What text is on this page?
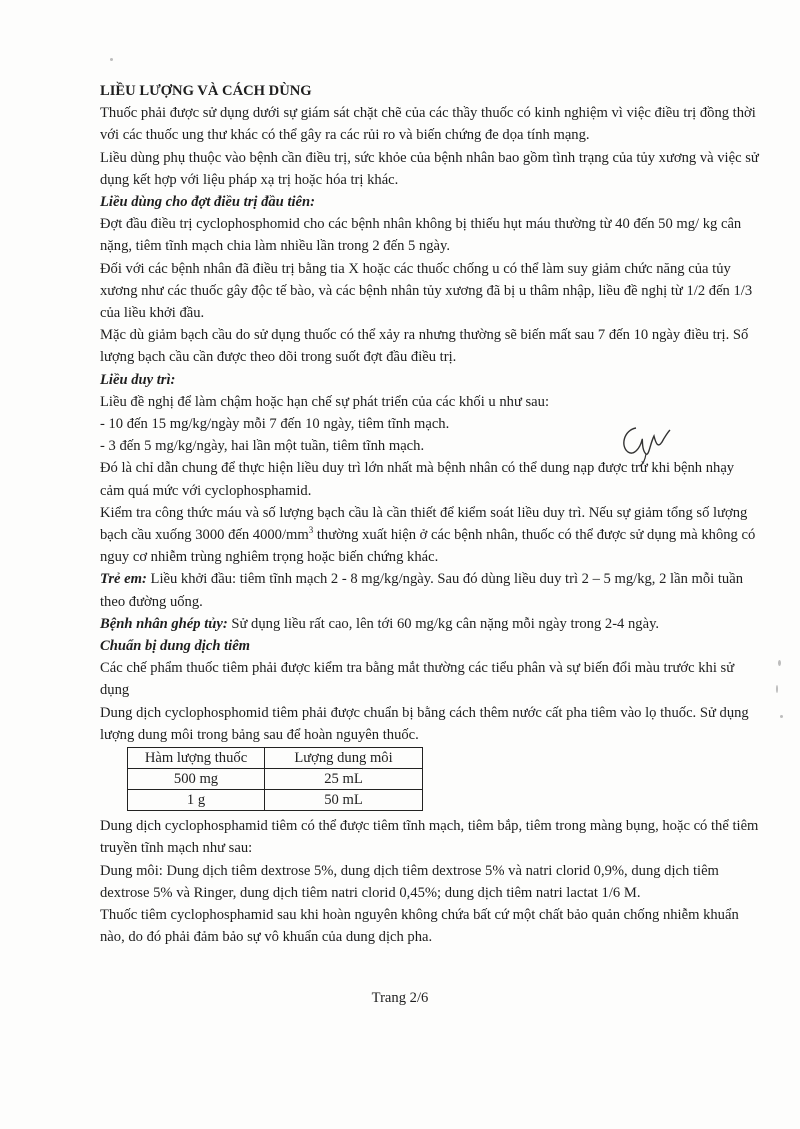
LIỀU LƯỢNG VÀ CÁCH DÙNG

Thuốc phải được sử dụng dưới sự giám sát chặt chẽ của các thầy thuốc có kinh nghiệm vì việc điều trị đồng thời với các thuốc ung thư khác có thể gây ra các rủi ro và biến chứng đe dọa tính mạng.

Liều dùng phụ thuộc vào bệnh cần điều trị, sức khỏe của bệnh nhân bao gồm tình trạng của tủy xương và việc sử dụng kết hợp với liệu pháp xạ trị hoặc hóa trị khác.

Liều dùng cho đợt điều trị đầu tiên:

Đợt đầu điều trị cyclophosphomid cho các bệnh nhân không bị thiếu hụt máu thường từ 40 đến 50 mg/ kg cân nặng, tiêm tĩnh mạch chia làm nhiều lần trong 2 đến 5 ngày.

Đối với các bệnh nhân đã điều trị bằng tia X hoặc các thuốc chống u có thể làm suy giảm chức năng của tủy xương như các thuốc gây độc tế bào, và các bệnh nhân tủy xương đã bị u thâm nhập, liều đề nghị từ 1/2 đến 1/3 của liều khởi đầu.

Mặc dù giảm bạch cầu do sử dụng thuốc có thể xảy ra nhưng thường sẽ biến mất sau 7 đến 10 ngày điều trị. Số lượng bạch cầu cần được theo dõi trong suốt đợt đầu điều trị.

Liều duy trì:

Liều đề nghị để làm chậm hoặc hạn chế sự phát triển của các khối u như sau:

- 10 đến 15 mg/kg/ngày mỗi 7 đến 10 ngày, tiêm tĩnh mạch.

- 3 đến 5 mg/kg/ngày, hai lần một tuần, tiêm tĩnh mạch.

Đó là chỉ dẫn chung để thực hiện liều duy trì lớn nhất mà bệnh nhân có thể dung nạp được trừ khi bệnh nhạy cảm quá mức với cyclophosphamid.

Kiểm tra công thức máu và số lượng bạch cầu là cần thiết để kiểm soát liều duy trì. Nếu sự giảm tổng số lượng bạch cầu xuống 3000 đến $4000/mm^3$ thường xuất hiện ở các bệnh nhân, thuốc có thể được sử dụng mà không có nguy cơ nhiễm trùng nghiêm trọng hoặc biến chứng khác.

Trẻ em: Liều khởi đầu: tiêm tĩnh mạch 2 - 8 mg/kg/ngày. Sau đó dùng liều duy trì 2 – 5 mg/kg, 2 lần mỗi tuần theo đường uống.

Bệnh nhân ghép tủy: Sử dụng liều rất cao, lên tới 60 mg/kg cân nặng mỗi ngày trong 2-4 ngày.

Chuẩn bị dung dịch tiêm

Các chế phẩm thuốc tiêm phải được kiểm tra bằng mắt thường các tiểu phân và sự biến đổi màu trước khi sử dụng

Dung dịch cyclophosphomid tiêm phải được chuẩn bị bằng cách thêm nước cất pha tiêm vào lọ thuốc. Sử dụng lượng dung môi trong bảng sau để hoàn nguyên thuốc.

Hàm lượng thuốc	Lượng dung môi
500 mg	25 mL
1 g	50 mL

Dung dịch cyclophosphamid tiêm có thể được tiêm tĩnh mạch, tiêm bắp, tiêm trong màng bụng, hoặc có thể tiêm truyền tĩnh mạch như sau:

Dung môi: Dung dịch tiêm dextrose 5%, dung dịch tiêm dextrose 5% và natri clorid 0,9%, dung dịch tiêm dextrose 5% và Ringer, dung dịch tiêm natri clorid 0,45%; dung dịch tiêm natri lactat 1/6 M.

Thuốc tiêm cyclophosphamid sau khi hoàn nguyên không chứa bất cứ một chất bảo quản chống nhiễm khuẩn nào, do đó phải đảm bảo sự vô khuẩn của dung dịch pha.

Trang 2/6
